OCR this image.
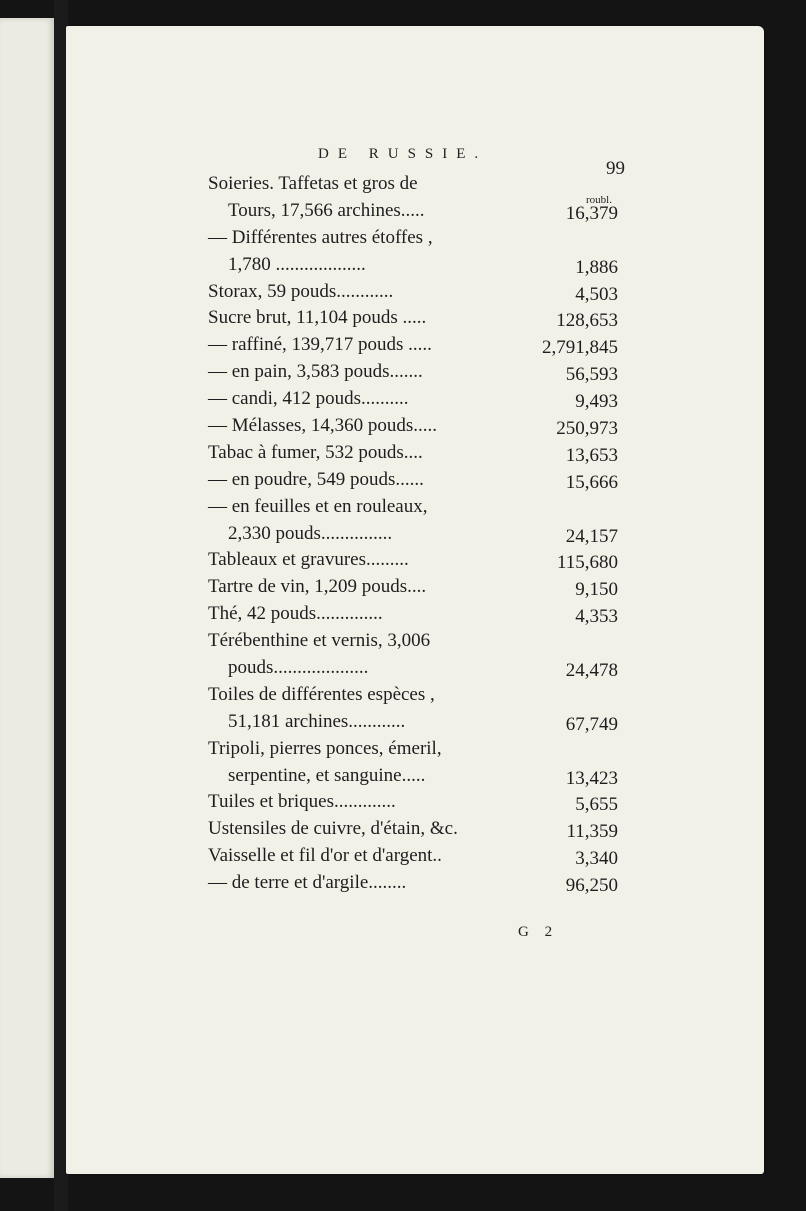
DE RUSSIE.
99
roubl.
Soieries. Taffetas et gros de
Tours, 17,566 archines.....	16,379
— Différentes autres étoffes ,
1,780 ...................	1,886
Storax, 59 pouds............	4,503
Sucre brut, 11,104 pouds .....	128,653
— raffiné, 139,717 pouds .....	2,791,845
— en pain, 3,583 pouds.......	56,593
— candi, 412 pouds..........	9,493
— Mélasses, 14,360 pouds.....	250,973
Tabac à fumer, 532 pouds....	13,653
— en poudre, 549 pouds......	15,666
— en feuilles et en rouleaux,
2,330 pouds...............	24,157
Tableaux et gravures.........	115,680
Tartre de vin, 1,209 pouds....	9,150
Thé, 42 pouds..............	4,353
Térébenthine et vernis, 3,006
pouds....................	24,478
Toiles de différentes espèces ,
51,181 archines............	67,749
Tripoli, pierres ponces, émeril,
serpentine, et sanguine.....	13,423
Tuiles et briques.............	5,655
Ustensiles de cuivre, d'étain, &c.	11,359
Vaisselle et fil d'or et d'argent..	3,340
— de terre et d'argile........	96,250
G 2
